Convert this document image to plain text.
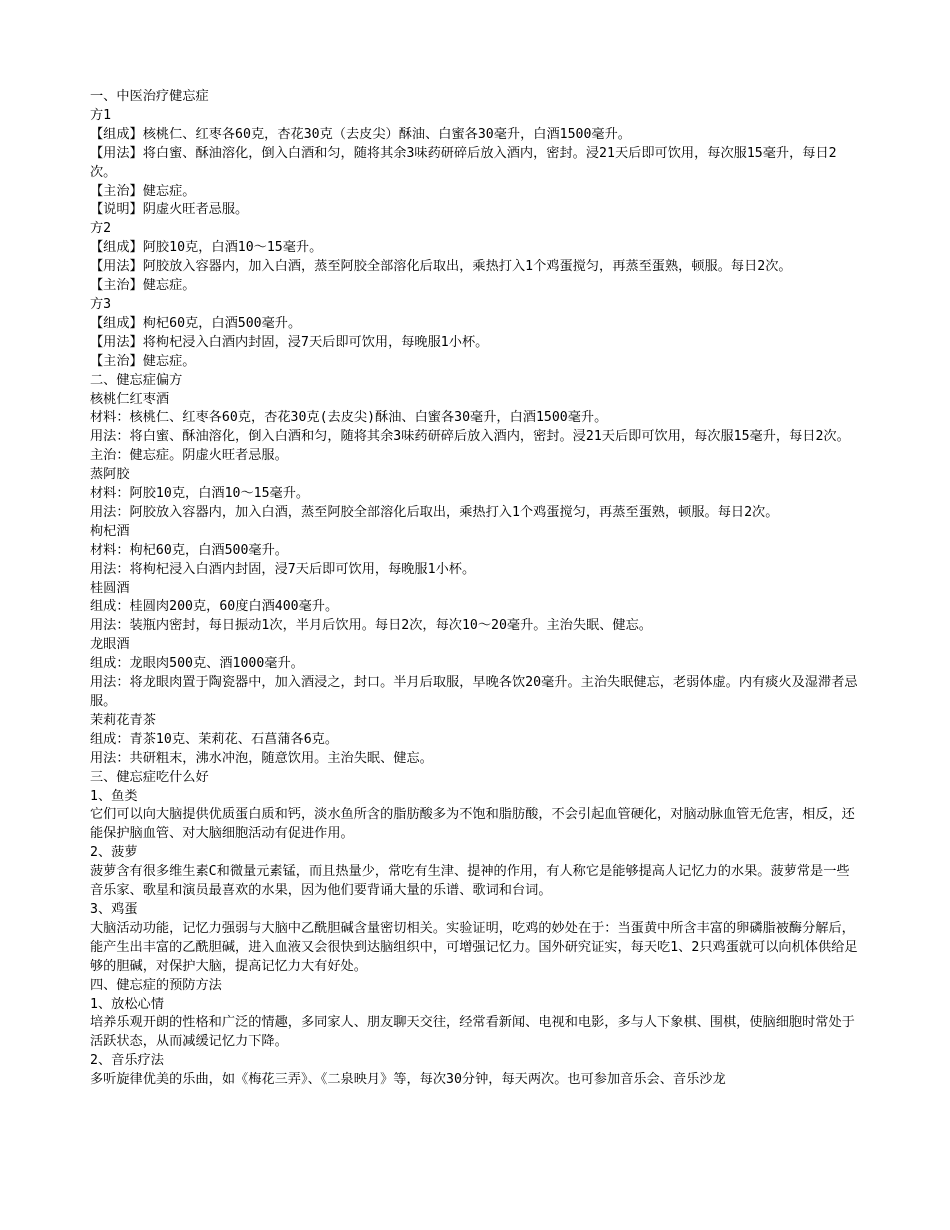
一、中医治疗健忘症

方1

【组成】核桃仁、红枣各60克，杏花30克（去皮尖）酥油、白蜜各30毫升，白酒1500毫升。

【用法】将白蜜、酥油溶化，倒入白酒和匀，随将其余3味药研碎后放入酒内，密封。浸21天后即可饮用，每次服15毫升，每日2次。

【主治】健忘症。

【说明】阴虚火旺者忌服。

方2

【组成】阿胶10克，白酒10～15毫升。

【用法】阿胶放入容器内，加入白酒，蒸至阿胶全部溶化后取出，乘热打入1个鸡蛋搅匀，再蒸至蛋熟，顿服。每日2次。

【主治】健忘症。

方3

【组成】枸杞60克，白酒500毫升。

【用法】将枸杞浸入白酒内封固，浸7天后即可饮用，每晚服1小杯。

【主治】健忘症。

二、健忘症偏方

核桃仁红枣酒

材料：核桃仁、红枣各60克，杏花30克(去皮尖)酥油、白蜜各30毫升，白酒1500毫升。

用法：将白蜜、酥油溶化，倒入白酒和匀，随将其余3味药研碎后放入酒内，密封。浸21天后即可饮用，每次服15毫升，每日2次。主治：健忘症。阴虚火旺者忌服。

蒸阿胶

材料：阿胶10克，白酒10～15毫升。

用法：阿胶放入容器内，加入白酒，蒸至阿胶全部溶化后取出，乘热打入1个鸡蛋搅匀，再蒸至蛋熟，顿服。每日2次。

枸杞酒

材料：枸杞60克，白酒500毫升。

用法：将枸杞浸入白酒内封固，浸7天后即可饮用，每晚服1小杯。

桂圆酒

组成：桂圆肉200克，60度白酒400毫升。

用法：装瓶内密封，每日振动1次，半月后饮用。每日2次，每次10～20毫升。主治失眠、健忘。

龙眼酒

组成：龙眼肉500克、酒1000毫升。

用法：将龙眼肉置于陶瓷器中，加入酒浸之，封口。半月后取服，早晚各饮20毫升。主治失眠健忘，老弱体虚。内有痰火及湿滞者忌服。

茉莉花青茶

组成：青茶10克、茉莉花、石菖蒲各6克。

用法：共研粗末，沸水冲泡，随意饮用。主治失眠、健忘。

三、健忘症吃什么好

1、鱼类

它们可以向大脑提供优质蛋白质和钙，淡水鱼所含的脂肪酸多为不饱和脂肪酸，不会引起血管硬化，对脑动脉血管无危害，相反，还能保护脑血管、对大脑细胞活动有促进作用。

2、菠萝

菠萝含有很多维生素C和微量元素锰，而且热量少，常吃有生津、提神的作用，有人称它是能够提高人记忆力的水果。菠萝常是一些音乐家、歌星和演员最喜欢的水果，因为他们要背诵大量的乐谱、歌词和台词。

3、鸡蛋

大脑活动功能，记忆力强弱与大脑中乙酰胆碱含量密切相关。实验证明，吃鸡的妙处在于：当蛋黄中所含丰富的卵磷脂被酶分解后，能产生出丰富的乙酰胆碱，进入血液又会很快到达脑组织中，可增强记忆力。国外研究证实，每天吃1、2只鸡蛋就可以向机体供给足够的胆碱，对保护大脑，提高记忆力大有好处。

四、健忘症的预防方法

1、放松心情

培养乐观开朗的性格和广泛的情趣，多同家人、朋友聊天交往，经常看新闻、电视和电影，多与人下象棋、围棋，使脑细胞时常处于活跃状态，从而减缓记忆力下降。

2、音乐疗法

多听旋律优美的乐曲，如《梅花三弄》、《二泉映月》等，每次30分钟，每天两次。也可参加音乐会、音乐沙龙
